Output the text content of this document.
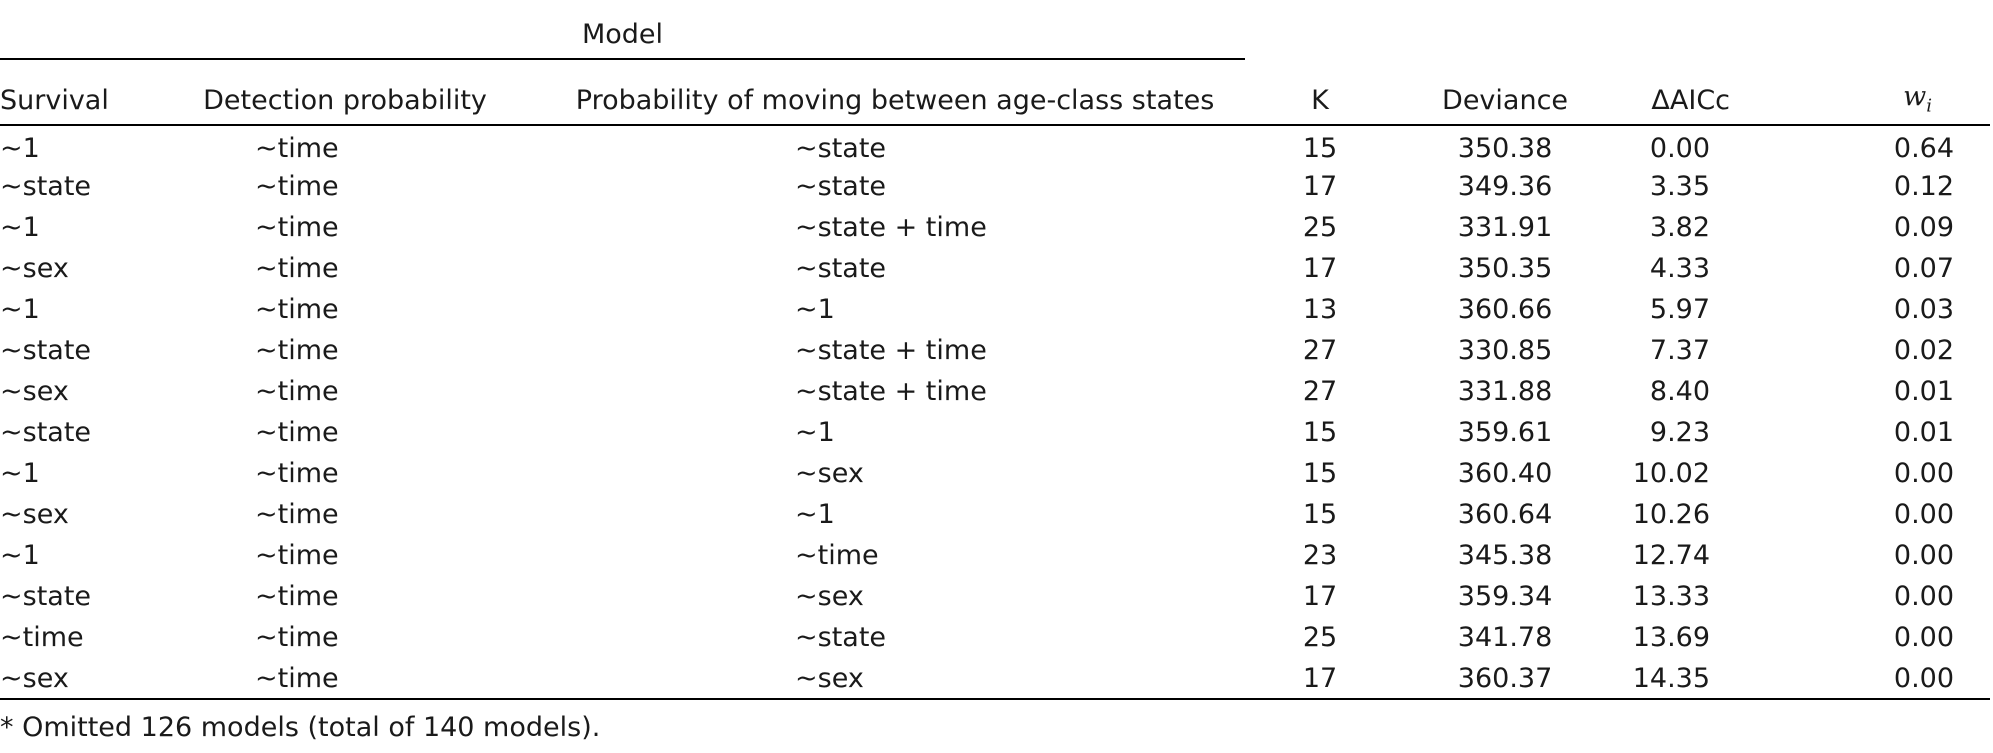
Model						
Survival	Detection probability	Probability of moving between age-class states	K	Deviance	ΔAICc	$w_i$
~1	~time	~state	15	350.38	0.00	0.64
~state	~time	~state	17	349.36	3.35	0.12
~1	~time	~state + time	25	331.91	3.82	0.09
~sex	~time	~state	17	350.35	4.33	0.07
~1	~time	~1	13	360.66	5.97	0.03
~state	~time	~state + time	27	330.85	7.37	0.02
~sex	~time	~state + time	27	331.88	8.40	0.01
~state	~time	~1	15	359.61	9.23	0.01
~1	~time	~sex	15	360.40	10.02	0.00
~sex	~time	~1	15	360.64	10.26	0.00
~1	~time	~time	23	345.38	12.74	0.00
~state	~time	~sex	17	359.34	13.33	0.00
~time	~time	~state	25	341.78	13.69	0.00
~sex	~time	~sex	17	360.37	14.35	0.00
* Omitted 126 models (total of 140 models).
